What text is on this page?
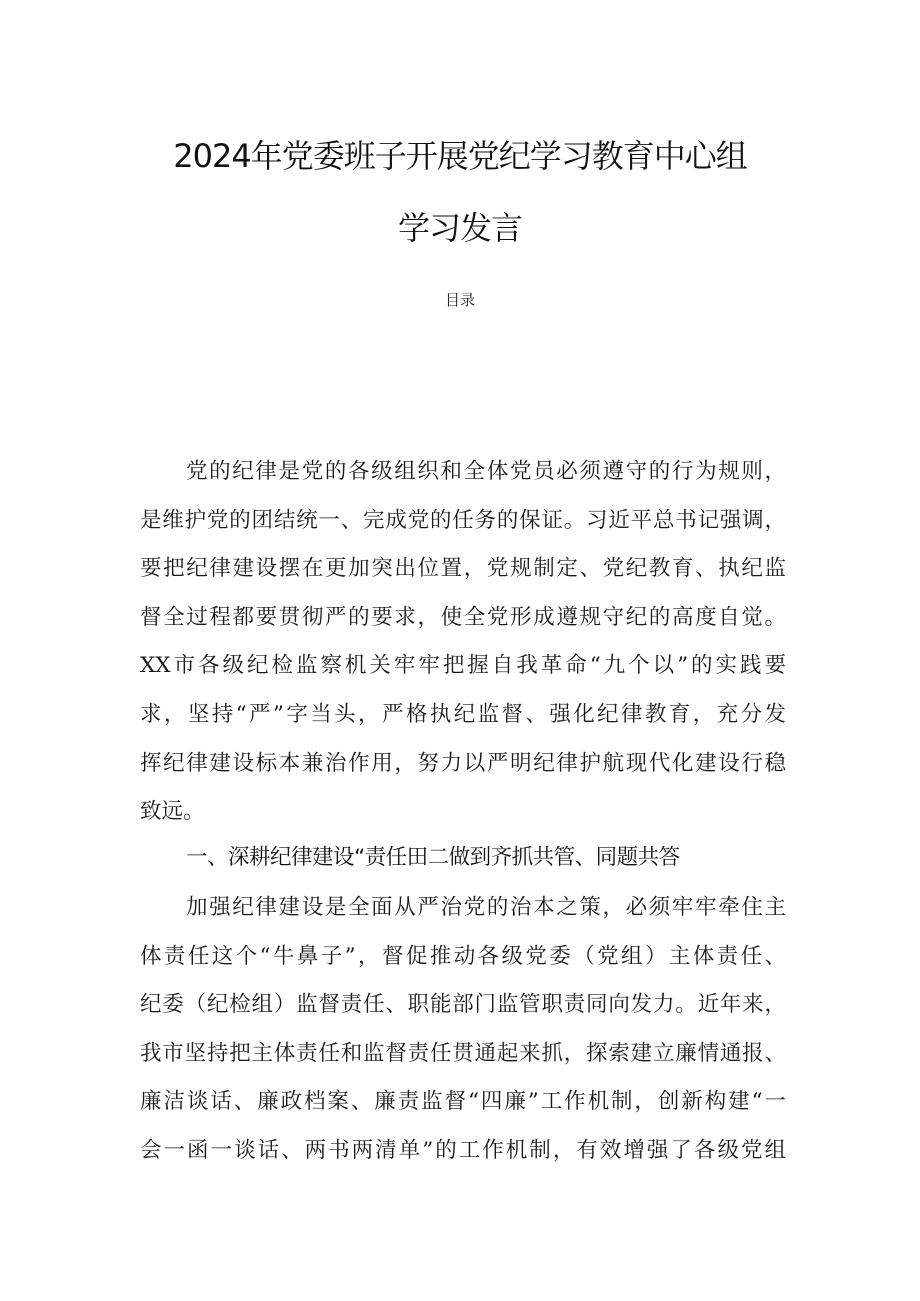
2024年党委班子开展党纪学习教育中心组
学习发言
目录
党的纪律是党的各级组织和全体党员必须遵守的行为规则，
是维护党的团结统一、完成党的任务的保证。习近平总书记强调，
要把纪律建设摆在更加突出位置，党规制定、党纪教育、执纪监
督全过程都要贯彻严的要求，使全党形成遵规守纪的高度自觉。
XX市各级纪检监察机关牢牢把握自我革命“九个以”的实践要
求，坚持“严”字当头，严格执纪监督、强化纪律教育，充分发
挥纪律建设标本兼治作用，努力以严明纪律护航现代化建设行稳
致远。
一、深耕纪律建设“责任田二做到齐抓共管、同题共答
加强纪律建设是全面从严治党的治本之策，必须牢牢牵住主
体责任这个“牛鼻子”，督促推动各级党委（党组）主体责任、
纪委（纪检组）监督责任、职能部门监管职责同向发力。近年来，
我市坚持把主体责任和监督责任贯通起来抓，探索建立廉情通报、
廉洁谈话、廉政档案、廉责监督“四廉”工作机制，创新构建“一
会一函一谈话、两书两清单”的工作机制，有效增强了各级党组
